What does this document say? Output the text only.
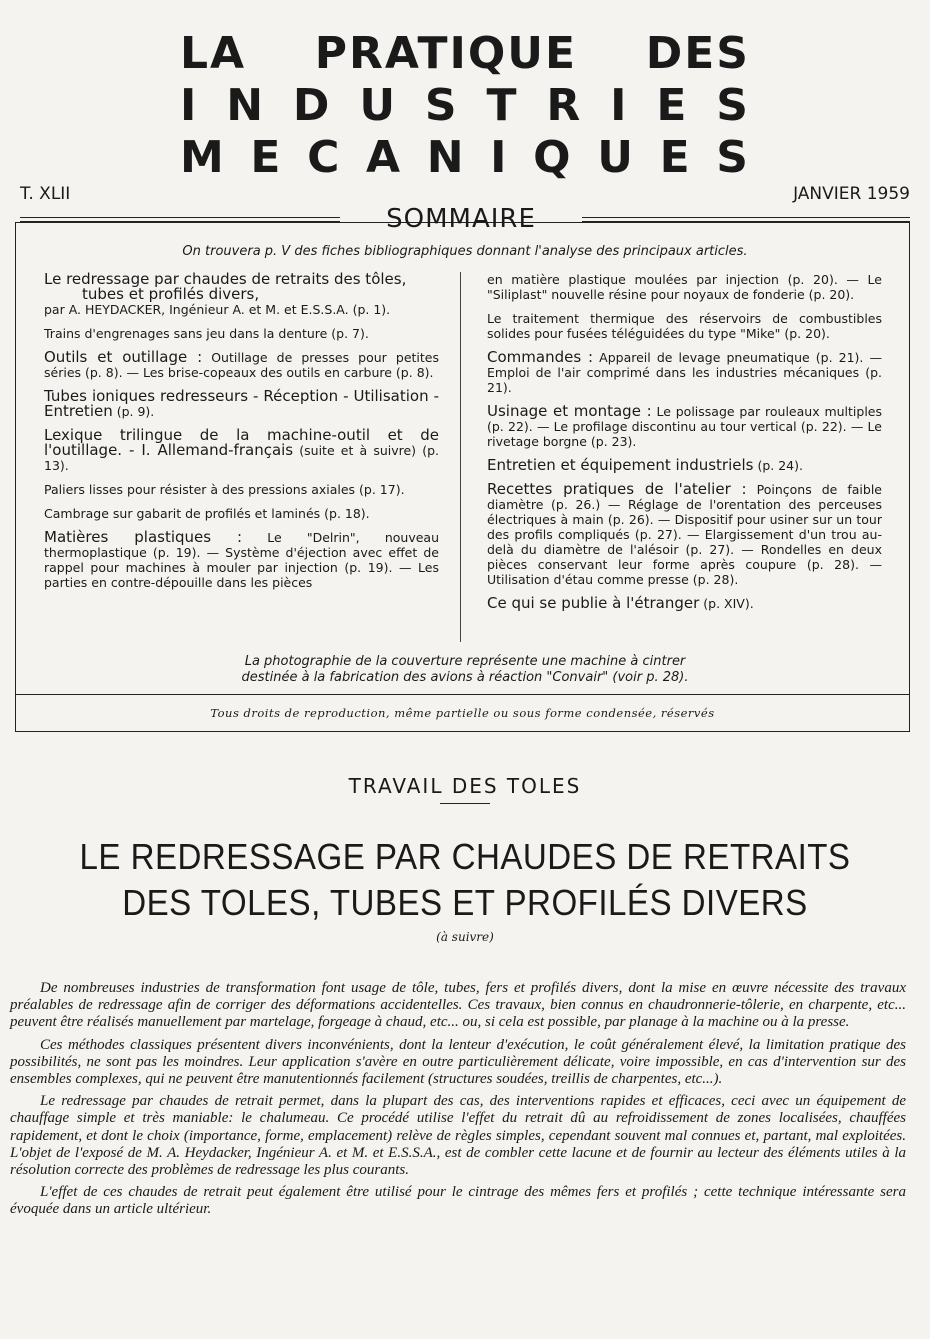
LA PRATIQUE DES
I N D U S T R I E S
M E C A N I Q U E S
T. XLII	JANVIER 1959
SOMMAIRE
On trouvera p. V des fiches bibliographiques donnant l'analyse des principaux articles.
Le redressage par chaudes de retraits des tôles,
tubes et profilés divers,
par A. HEYDACKER, Ingénieur A. et M. et E.S.S.A. (p. 1).
Trains d'engrenages sans jeu dans la denture (p. 7).
Outils et outillage : Outillage de presses pour petites séries (p. 8). — Les brise-copeaux des outils en carbure (p. 8).
Tubes ioniques redresseurs - Réception - Utilisation - Entretien (p. 9).
Lexique trilingue de la machine-outil et de l'outillage. - I. Allemand-français (suite et à suivre) (p. 13).
Paliers lisses pour résister à des pressions axiales (p. 17).
Cambrage sur gabarit de profilés et laminés (p. 18).
Matières plastiques : Le "Delrin", nouveau thermoplastique (p. 19). — Système d'éjection avec effet de rappel pour machines à mouler par injection (p. 19). — Les parties en contre-dépouille dans les pièces
en matière plastique moulées par injection (p. 20). — Le "Siliplast" nouvelle résine pour noyaux de fonderie (p. 20).
Le traitement thermique des réservoirs de combustibles solides pour fusées téléguidées du type "Mike" (p. 20).
Commandes : Appareil de levage pneumatique (p. 21). — Emploi de l'air comprimé dans les industries mécaniques (p. 21).
Usinage et montage : Le polissage par rouleaux multiples (p. 22). — Le profilage discontinu au tour vertical (p. 22). — Le rivetage borgne (p. 23).
Entretien et équipement industriels (p. 24).
Recettes pratiques de l'atelier : Poinçons de faible diamètre (p. 26.) — Réglage de l'orentation des perceuses électriques à main (p. 26). — Dispositif pour usiner sur un tour des profils compliqués (p. 27). — Elargissement d'un trou au-delà du diamètre de l'alésoir (p. 27). — Rondelles en deux pièces conservant leur forme après coupure (p. 28). — Utilisation d'étau comme presse (p. 28).
Ce qui se publie à l'étranger (p. XIV).
La photographie de la couverture représente une machine à cintrer
destinée à la fabrication des avions à réaction "Convair" (voir p. 28).
Tous droits de reproduction, même partielle ou sous forme condensée, réservés
TRAVAIL DES TOLES
LE REDRESSAGE PAR CHAUDES DE RETRAITS
DES TOLES, TUBES ET PROFILÉS DIVERS
(à suivre)

De nombreuses industries de transformation font usage de tôle, tubes, fers et profilés divers, dont la mise en œuvre nécessite des travaux préalables de redressage afin de corriger des déformations accidentelles. Ces travaux, bien connus en chaudronnerie-tôlerie, en charpente, etc... peuvent être réalisés manuellement par martelage, forgeage à chaud, etc... ou, si cela est possible, par planage à la machine ou à la presse.

Ces méthodes classiques présentent divers inconvénients, dont la lenteur d'exécution, le coût généralement élevé, la limitation pratique des possibilités, ne sont pas les moindres. Leur application s'avère en outre particulièrement délicate, voire impossible, en cas d'intervention sur des ensembles complexes, qui ne peuvent être manutentionnés facilement (structures soudées, treillis de charpentes, etc...).

Le redressage par chaudes de retrait permet, dans la plupart des cas, des interventions rapides et efficaces, ceci avec un équipement de chauffage simple et très maniable: le chalumeau. Ce procédé utilise l'effet du retrait dû au refroidissement de zones localisées, chauffées rapidement, et dont le choix (importance, forme, emplacement) relève de règles simples, cependant souvent mal connues et, partant, mal exploitées. L'objet de l'exposé de M. A. Heydacker, Ingénieur A. et M. et E.S.S.A., est de combler cette lacune et de fournir au lecteur des éléments utiles à la résolution correcte des problèmes de redressage les plus courants.

L'effet de ces chaudes de retrait peut également être utilisé pour le cintrage des mêmes fers et profilés ; cette technique intéressante sera évoquée dans un article ultérieur.
